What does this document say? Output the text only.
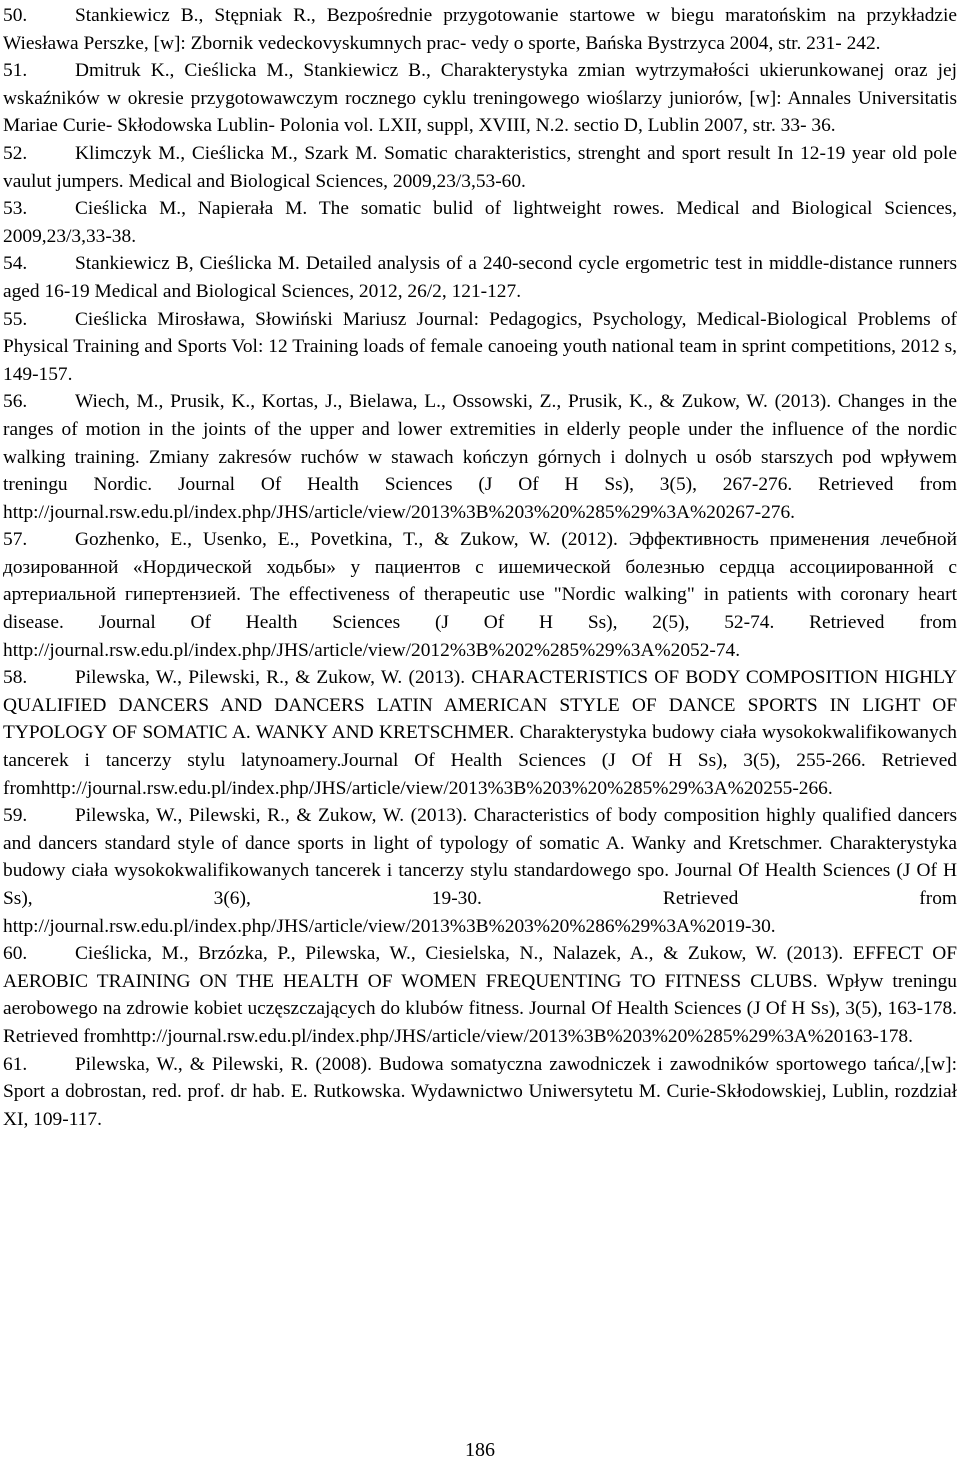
50. Stankiewicz B., Stępniak R., Bezpośrednie przygotowanie startowe w biegu maratońskim na przykładzie Wiesława Perszke, [w]: Zbornik vedeckovyskumnych prac- vedy o sporte, Bańska Bystrzyca 2004, str. 231- 242.

51. Dmitruk K., Cieślicka M., Stankiewicz B., Charakterystyka zmian wytrzymałości ukierunkowanej oraz jej wskaźników w okresie przygotowawczym rocznego cyklu treningowego wioślarzy juniorów, [w]: Annales Universitatis Mariae Curie- Skłodowska Lublin- Polonia vol. LXII, suppl, XVIII, N.2. sectio D, Lublin 2007, str. 33- 36.

52. Klimczyk M., Cieślicka M., Szark M. Somatic charakteristics, strenght and sport result In 12-19 year old pole vaulut jumpers. Medical and Biological Sciences, 2009,23/3,53-60.

53. Cieślicka M., Napierała M. The somatic bulid of lightweight rowes. Medical and Biological Sciences, 2009,23/3,33-38.

54. Stankiewicz B, Cieślicka M. Detailed analysis of a 240-second cycle ergometric test in middle-distance runners aged 16-19 Medical and Biological Sciences, 2012, 26/2, 121-127.

55. Cieślicka Mirosława, Słowiński Mariusz Journal: Pedagogics, Psychology, Medical-Biological Problems of Physical Training and Sports Vol: 12 Training loads of female canoeing youth national team in sprint competitions, 2012 s, 149-157.

56. Wiech, M., Prusik, K., Kortas, J., Bielawa, L., Ossowski, Z., Prusik, K., & Zukow, W. (2013). Changes in the ranges of motion in the joints of the upper and lower extremities in elderly people under the influence of the nordic walking training. Zmiany zakresów ruchów w stawach kończyn górnych i dolnych u osób starszych pod wpływem treningu Nordic. Journal Of Health Sciences (J Of H Ss), 3(5), 267-276. Retrieved from http://journal.rsw.edu.pl/index.php/JHS/article/view/2013%3B%203%20%285%29%3A%20267-276.

57. Gozhenko, E., Usenko, E., Povetkina, T., & Zukow, W. (2012). Эффективность применения лечебной дозированной «Нордической ходьбы» у пациентов с ишемической болезнью сердца ассоциированной с артериальной гипертензией. The effectiveness of therapeutic use "Nordic walking" in patients with coronary heart disease. Journal Of Health Sciences (J Of H Ss), 2(5), 52-74. Retrieved from http://journal.rsw.edu.pl/index.php/JHS/article/view/2012%3B%202%285%29%3A%2052-74.

58. Pilewska, W., Pilewski, R., & Zukow, W. (2013). CHARACTERISTICS OF BODY COMPOSITION HIGHLY QUALIFIED DANCERS AND DANCERS LATIN AMERICAN STYLE OF DANCE SPORTS IN LIGHT OF TYPOLOGY OF SOMATIC A. WANKY AND KRETSCHMER. Charakterystyka budowy ciała wysokokwalifikowanych tancerek i tancerzy stylu latynoamery.Journal Of Health Sciences (J Of H Ss), 3(5), 255-266. Retrieved fromhttp://journal.rsw.edu.pl/index.php/JHS/article/view/2013%3B%203%20%285%29%3A%20255-266.

59. Pilewska, W., Pilewski, R., & Zukow, W. (2013). Characteristics of body composition highly qualified dancers and dancers standard style of dance sports in light of typology of somatic A. Wanky and Kretschmer. Charakterystyka budowy ciała wysokokwalifikowanych tancerek i tancerzy stylu standardowego spo. Journal Of Health Sciences (J Of H Ss), 3(6), 19-30. Retrieved from http://journal.rsw.edu.pl/index.php/JHS/article/view/2013%3B%203%20%286%29%3A%2019-30.

60. Cieślicka, M., Brzózka, P., Pilewska, W., Ciesielska, N., Nalazek, A., & Zukow, W. (2013). EFFECT OF AEROBIC TRAINING ON THE HEALTH OF WOMEN FREQUENTING TO FITNESS CLUBS. Wpływ treningu aerobowego na zdrowie kobiet uczęszczających do klubów fitness. Journal Of Health Sciences (J Of H Ss), 3(5), 163-178. Retrieved fromhttp://journal.rsw.edu.pl/index.php/JHS/article/view/2013%3B%203%20%285%29%3A%20163-178.

61. Pilewska, W., & Pilewski, R. (2008). Budowa somatyczna zawodniczek i zawodników sportowego tańca/,[w]: Sport a dobrostan, red. prof. dr hab. E. Rutkowska. Wydawnictwo Uniwersytetu M. Curie-Skłodowskiej, Lublin, rozdział XI, 109-117.

186
